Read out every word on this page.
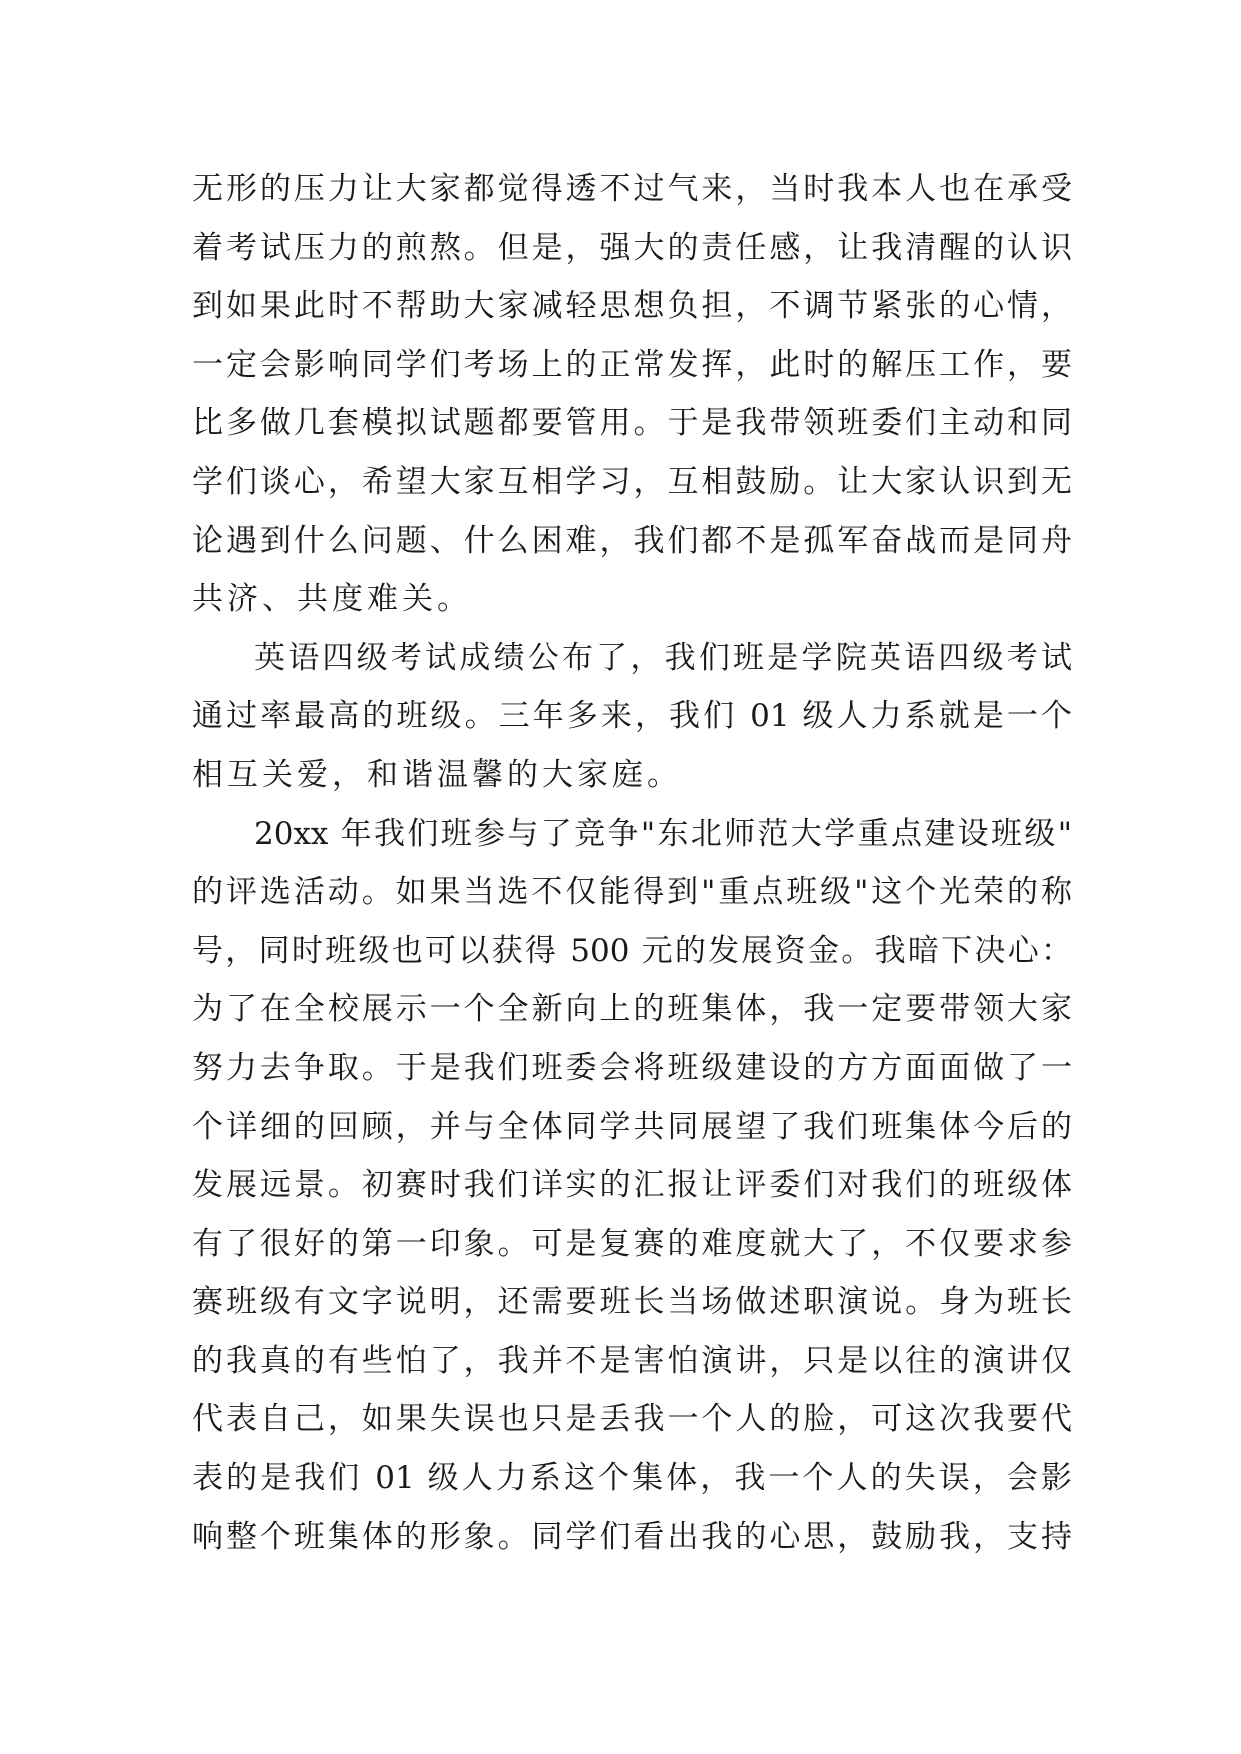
无形的压力让大家都觉得透不过气来，当时我本人也在承受
着考试压力的煎熬。但是，强大的责任感，让我清醒的认识
到如果此时不帮助大家减轻思想负担，不调节紧张的心情，
一定会影响同学们考场上的正常发挥，此时的解压工作，要
比多做几套模拟试题都要管用。于是我带领班委们主动和同
学们谈心，希望大家互相学习，互相鼓励。让大家认识到无
论遇到什么问题、什么困难，我们都不是孤军奋战而是同舟
共济、共度难关。
英语四级考试成绩公布了，我们班是学院英语四级考试
通过率最高的班级。三年多来，我们 01 级人力系就是一个
相互关爱，和谐温馨的大家庭。
20xx 年我们班参与了竞争"东北师范大学重点建设班级"
的评选活动。如果当选不仅能得到"重点班级"这个光荣的称
号，同时班级也可以获得 500 元的发展资金。我暗下决心：
为了在全校展示一个全新向上的班集体，我一定要带领大家
努力去争取。于是我们班委会将班级建设的方方面面做了一
个详细的回顾，并与全体同学共同展望了我们班集体今后的
发展远景。初赛时我们详实的汇报让评委们对我们的班级体
有了很好的第一印象。可是复赛的难度就大了，不仅要求参
赛班级有文字说明，还需要班长当场做述职演说。身为班长
的我真的有些怕了，我并不是害怕演讲，只是以往的演讲仅
代表自己，如果失误也只是丢我一个人的脸，可这次我要代
表的是我们 01 级人力系这个集体，我一个人的失误，会影
响整个班集体的形象。同学们看出我的心思，鼓励我，支持
